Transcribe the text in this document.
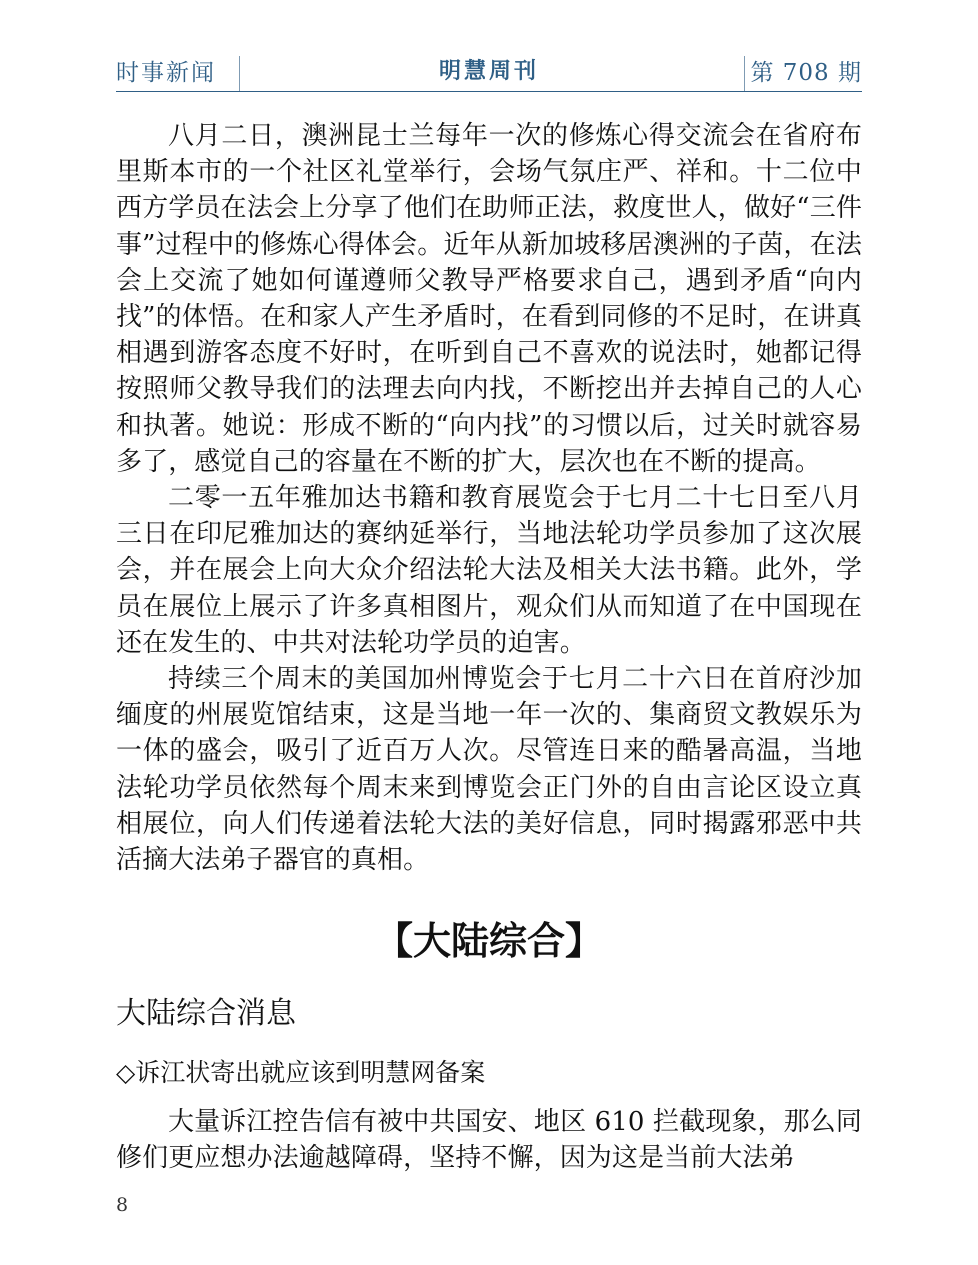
时事新闻	明慧周刊	第 708 期

八月二日，澳洲昆士兰每年一次的修炼心得交流会在省府布里斯本市的一个社区礼堂举行，会场气氛庄严、祥和。十二位中西方学员在法会上分享了他们在助师正法，救度世人，做好“三件事”过程中的修炼心得体会。近年从新加坡移居澳洲的子茵，在法会上交流了她如何谨遵师父教导严格要求自己，遇到矛盾“向内找”的体悟。在和家人产生矛盾时，在看到同修的不足时，在讲真相遇到游客态度不好时，在听到自己不喜欢的说法时，她都记得按照师父教导我们的法理去向内找，不断挖出并去掉自己的人心和执著。她说：形成不断的“向内找”的习惯以后，过关时就容易多了，感觉自己的容量在不断的扩大，层次也在不断的提高。

二零一五年雅加达书籍和教育展览会于七月二十七日至八月三日在印尼雅加达的赛纳延举行，当地法轮功学员参加了这次展会，并在展会上向大众介绍法轮大法及相关大法书籍。此外，学员在展位上展示了许多真相图片，观众们从而知道了在中国现在还在发生的、中共对法轮功学员的迫害。

持续三个周末的美国加州博览会于七月二十六日在首府沙加缅度的州展览馆结束，这是当地一年一次的、集商贸文教娱乐为一体的盛会，吸引了近百万人次。尽管连日来的酷暑高温，当地法轮功学员依然每个周末来到博览会正门外的自由言论区设立真相展位，向人们传递着法轮大法的美好信息，同时揭露邪恶中共活摘大法弟子器官的真相。

【大陆综合】
大陆综合消息
◇诉江状寄出就应该到明慧网备案

大量诉江控告信有被中共国安、地区 610 拦截现象，那么同修们更应想办法逾越障碍，坚持不懈，因为这是当前大法弟

8
